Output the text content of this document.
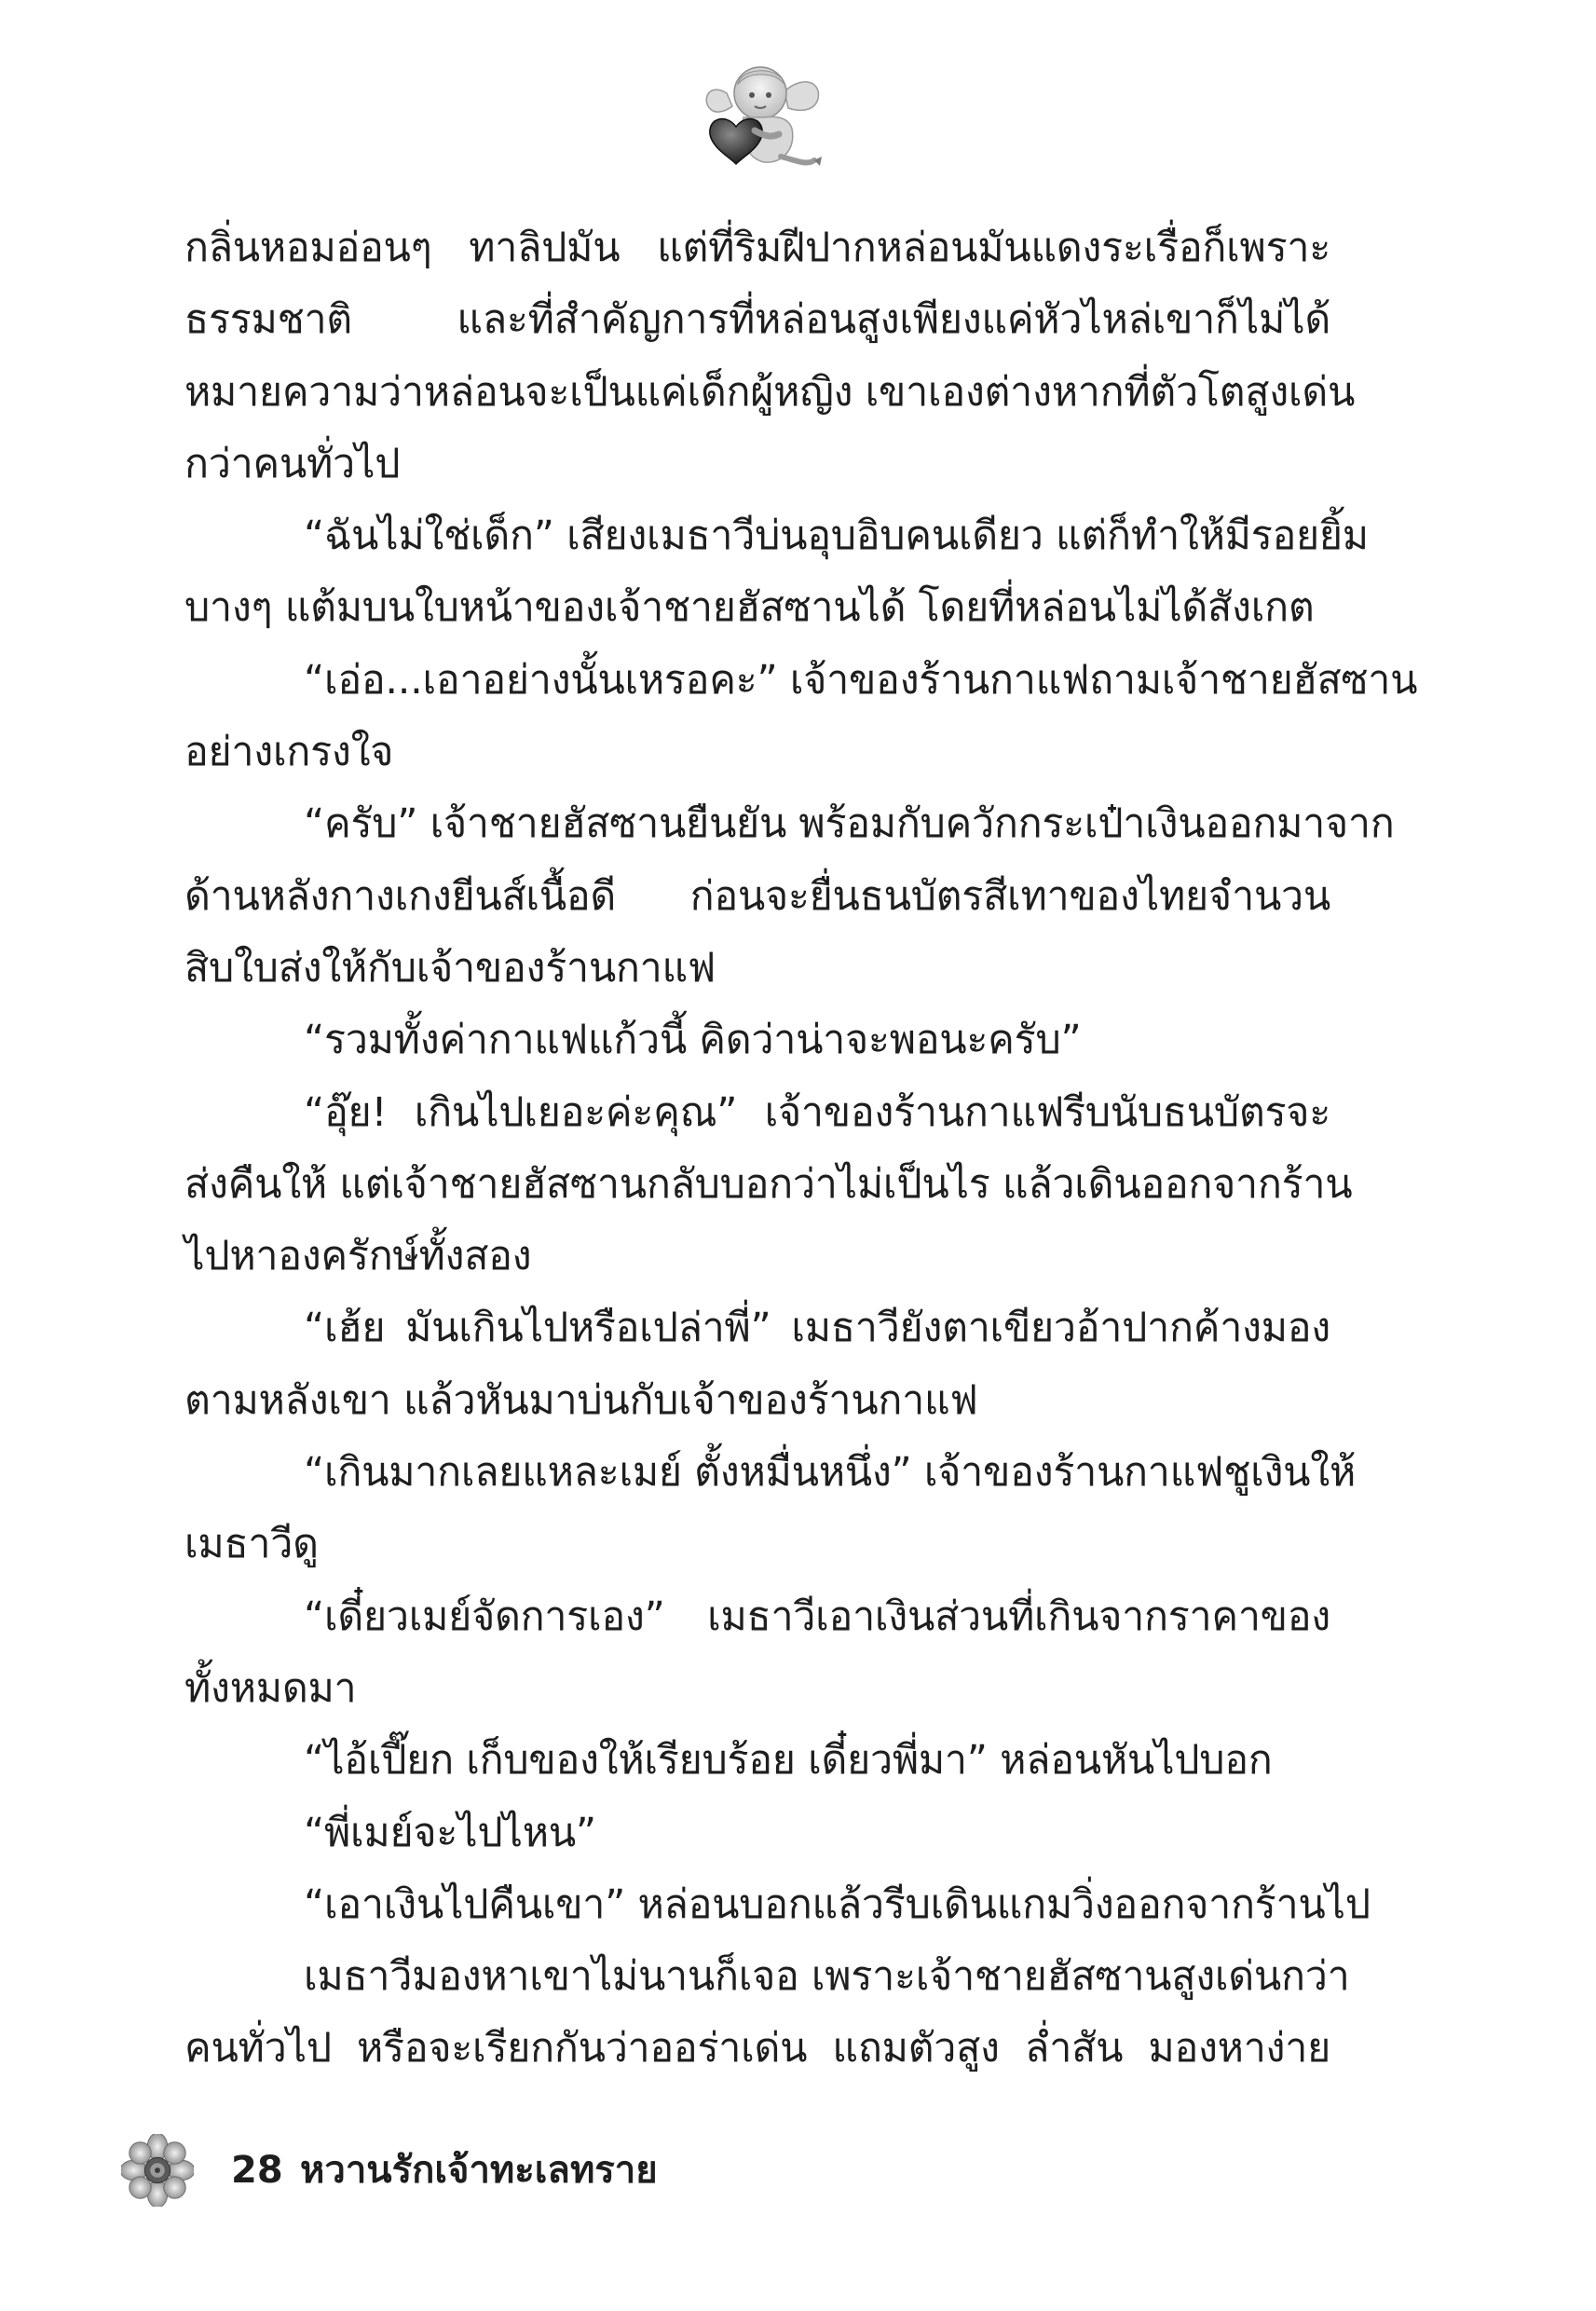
กลิ่นหอมอ่อนๆ ทาลิปมัน แต่ที่ริมฝีปากหล่อนมันแดงระเรื่อก็เพราะ
ธรรมชาติ และที่สำคัญการที่หล่อนสูงเพียงแค่หัวไหล่เขาก็ไม่ได้
หมายความว่าหล่อนจะเป็นแค่เด็กผู้หญิง เขาเองต่างหากที่ตัวโตสูงเด่น
กว่าคนทั่วไป
“ฉันไม่ใช่เด็ก” เสียงเมธาวีบ่นอุบอิบคนเดียว แต่ก็ทำให้มีรอยยิ้ม
บางๆ แต้มบนใบหน้าของเจ้าชายฮัสซานได้ โดยที่หล่อนไม่ได้สังเกต
“เอ่อ...เอาอย่างนั้นเหรอคะ” เจ้าของร้านกาแฟถามเจ้าชายฮัสซาน
อย่างเกรงใจ
“ครับ” เจ้าชายฮัสซานยืนยัน พร้อมกับควักกระเป๋าเงินออกมาจาก
ด้านหลังกางเกงยีนส์เนื้อดี ก่อนจะยื่นธนบัตรสีเทาของไทยจำนวน
สิบใบส่งให้กับเจ้าของร้านกาแฟ
“รวมทั้งค่ากาแฟแก้วนี้ คิดว่าน่าจะพอนะครับ”
“อุ๊ย! เกินไปเยอะค่ะคุณ” เจ้าของร้านกาแฟรีบนับธนบัตรจะ
ส่งคืนให้ แต่เจ้าชายฮัสซานกลับบอกว่าไม่เป็นไร แล้วเดินออกจากร้าน
ไปหาองครักษ์ทั้งสอง
“เฮ้ย มันเกินไปหรือเปล่าพี่” เมธาวียังตาเขียวอ้าปากค้างมอง
ตามหลังเขา แล้วหันมาบ่นกับเจ้าของร้านกาแฟ
“เกินมากเลยแหละเมย์ ตั้งหมื่นหนึ่ง” เจ้าของร้านกาแฟชูเงินให้
เมธาวีดู
“เดี๋ยวเมย์จัดการเอง” เมธาวีเอาเงินส่วนที่เกินจากราคาของ
ทั้งหมดมา
“ไอ้เปี๊ยก เก็บของให้เรียบร้อย เดี๋ยวพี่มา” หล่อนหันไปบอก
“พี่เมย์จะไปไหน”
“เอาเงินไปคืนเขา” หล่อนบอกแล้วรีบเดินแกมวิ่งออกจากร้านไป
เมธาวีมองหาเขาไม่นานก็เจอ เพราะเจ้าชายฮัสซานสูงเด่นกว่า
คนทั่วไป หรือจะเรียกกันว่าออร่าเด่น แถมตัวสูง ล่ำสัน มองหาง่าย
28 หวานรักเจ้าทะเลทราย
